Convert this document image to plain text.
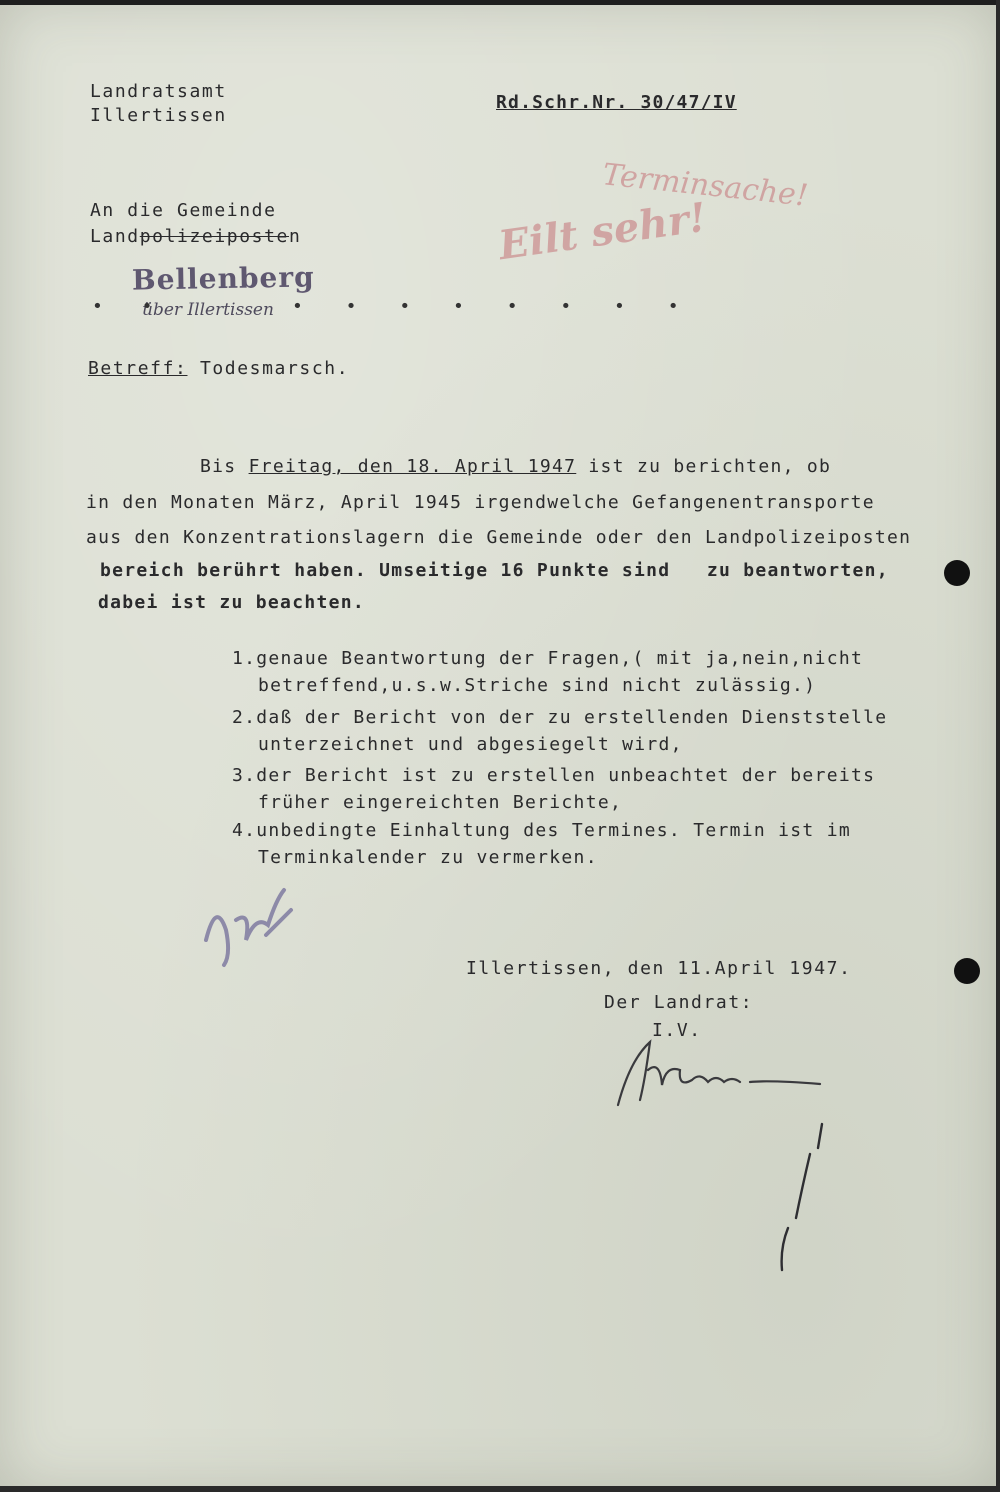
Landratsamt
Illertissen
Rd.Schr.Nr. 30/47/IV
Terminsache!
Eilt sehr!
An die Gemeinde
Landpolizeiposten
Bellenberg
über Illertissen
• •	• • • • • • • •
Betreff: Todesmarsch.
Bis Freitag, den 18. April 1947 ist zu berichten, ob
in den Monaten März, April 1945 irgendwelche Gefangenentransporte
aus den Konzentrationslagern die Gemeinde oder den Landpolizeiposten
bereich berührt haben. Umseitige 16 Punkte sind   zu beantworten,
dabei ist zu beachten.
1.genaue Beantwortung der Fragen,( mit ja,nein,nicht
betreffend,u.s.w.Striche sind nicht zulässig.)
2.daß der Bericht von der zu erstellenden Dienststelle
unterzeichnet und abgesiegelt wird,
3.der Bericht ist zu erstellen unbeachtet der bereits
früher eingereichten Berichte,
4.unbedingte Einhaltung des Termines. Termin ist im
Terminkalender zu vermerken.
Illertissen, den 11.April 1947.
Der Landrat:
I.V.
